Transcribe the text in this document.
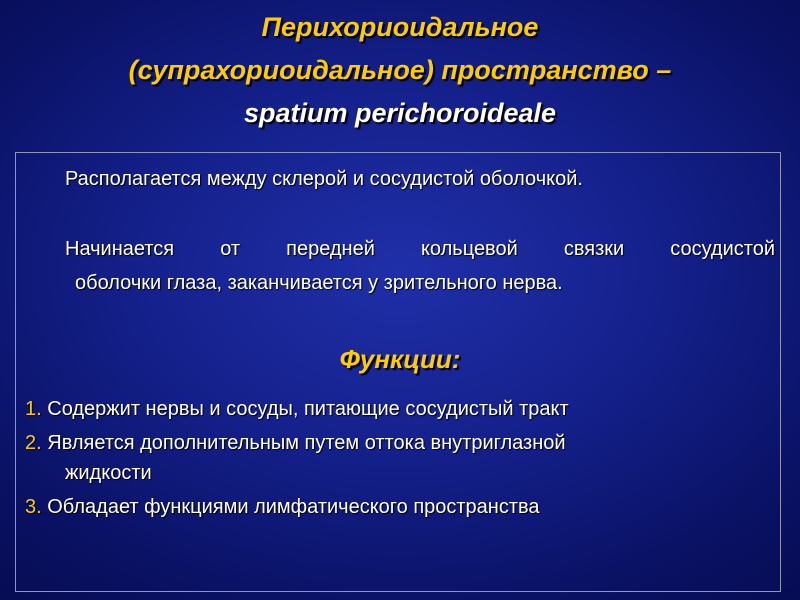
Перихориоидальное
(супрахориоидальное) пространство –
spatium perichoroideale
Располагается между склерой и сосудистой оболочкой.
Начинается от передней кольцевой связки сосудистой
оболочки глаза, заканчивается у зрительного нерва.
Функции:
1. Содержит нервы и сосуды, питающие сосудистый тракт
2. Является дополнительным путем оттока внутриглазной
жидкости
3. Обладает функциями лимфатического пространства
